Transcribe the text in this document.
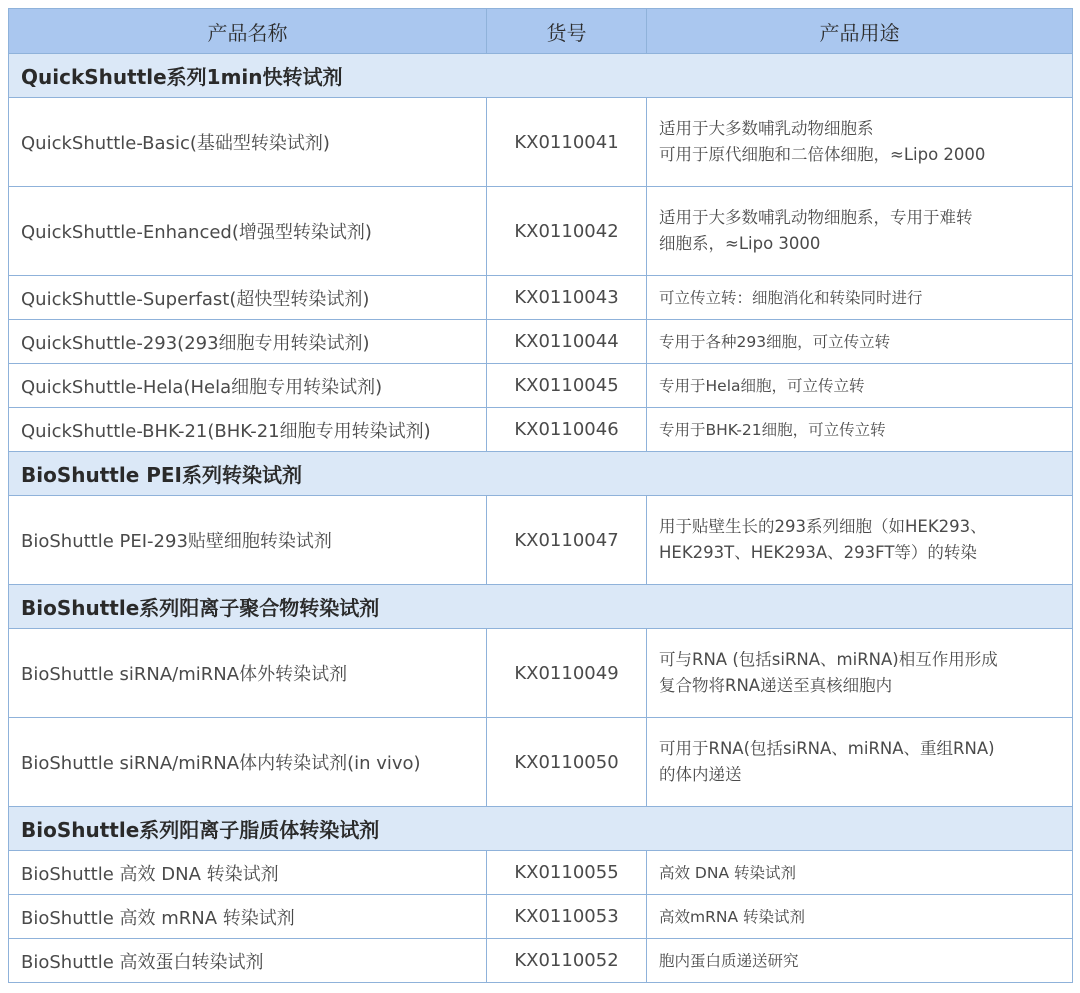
产品名称	货号	产品用途
QuickShuttle系列1min快转试剂		
QuickShuttle-Basic(基础型转染试剂)	KX0110041	适用于大多数哺乳动物细胞系
可用于原代细胞和二倍体细胞，≈Lipo 2000

QuickShuttle-Enhanced(增强型转染试剂)	KX0110042	适用于大多数哺乳动物细胞系，专用于难转
细胞系，≈Lipo 3000

QuickShuttle-Superfast(超快型转染试剂)	KX0110043	可立传立转：细胞消化和转染同时进行

QuickShuttle-293(293细胞专用转染试剂)	KX0110044	专用于各种293细胞，可立传立转

QuickShuttle-Hela(Hela细胞专用转染试剂)	KX0110045	专用于Hela细胞，可立传立转

QuickShuttle-BHK-21(BHK-21细胞专用转染试剂)	KX0110046	专用于BHK-21细胞，可立传立转

BioShuttle PEI系列转染试剂		
BioShuttle PEI-293贴壁细胞转染试剂	KX0110047	用于贴壁生长的293系列细胞（如HEK293、
HEK293T、HEK293A、293FT等）的转染

BioShuttle系列阳离子聚合物转染试剂		
BioShuttle siRNA/miRNA体外转染试剂	KX0110049	可与RNA (包括siRNA、miRNA)相互作用形成
复合物将RNA递送至真核细胞内

BioShuttle siRNA/miRNA体内转染试剂(in vivo)	KX0110050	可用于RNA(包括siRNA、miRNA、重组RNA)
的体内递送

BioShuttle系列阳离子脂质体转染试剂		
BioShuttle 高效 DNA 转染试剂	KX0110055	高效 DNA 转染试剂

BioShuttle 高效 mRNA 转染试剂	KX0110053	高效mRNA 转染试剂

BioShuttle 高效蛋白转染试剂	KX0110052	胞内蛋白质递送研究
